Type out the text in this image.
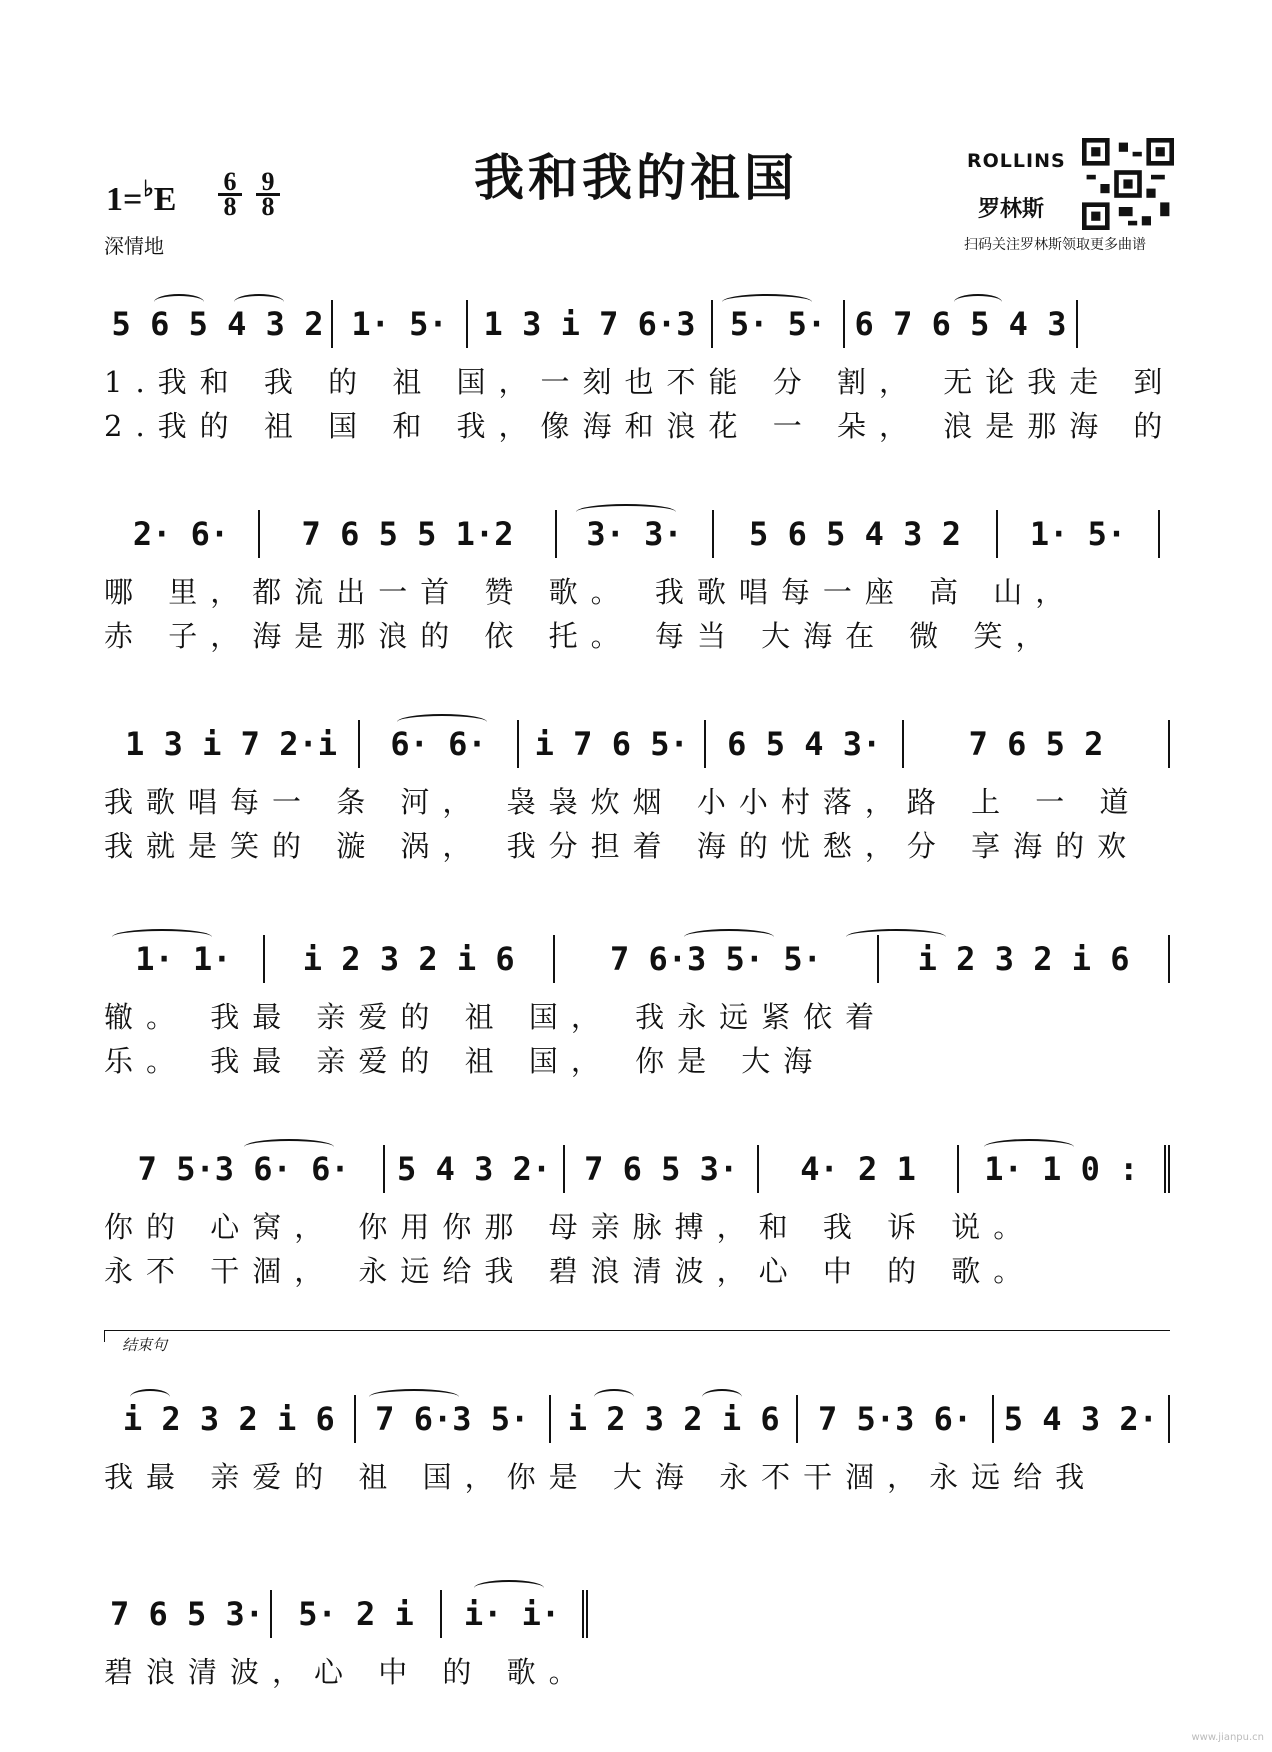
我和我的祖国
$1=^♭E \frac{6}{8} \frac{9}{8}$
深情地
ROLLINS
罗林斯
扫码关注罗林斯领取更多曲谱
5 6 5 4 3 2 1· 5·	1 3 i 7 6·3	5· 5· 6 7 6 5 4 3
1.我和 我 的 祖 国，一刻也不能 分 割， 无论我走 到
2.我的 祖 国 和 我，像海和浪花 一 朵， 浪是那海 的
2· 6·	7 6 5 5 1·2	3· 3·	5 6 5 4 3 2	1· 5·
哪 里，都流出一首 赞 歌。 我歌唱每一座 高 山，
赤 子，海是那浪的 依 托。 每当 大海在 微 笑，
1 3 i 7 2·i	6· 6·	i 7 6 5·	6 5 4 3·	7 6 5 2
我歌唱每一 条 河， 袅袅炊烟 小小村落，路 上 一 道
我就是笑的 漩 涡， 我分担着 海的忧愁，分 享海的欢
1· 1·	i 2 3 2 i 6	7 6·3 5· 5·	i 2 3 2 i 6
辙。 我最 亲爱的 祖 国， 我永远紧依着
乐。 我最 亲爱的 祖 国， 你是 大海
7 5·3 6· 6·	5 4 3 2·	7 6 5 3·	4· 2 1	1· 1 0 :
你的 心窝， 你用你那 母亲脉搏，和 我 诉 说。
永不 干涸， 永远给我 碧浪清波，心 中 的 歌。
结束句
i 2 3 2 i 6	7 6·3 5·	i 2 3 2 i 6	7 5·3 6· 5 4 3 2·
我最 亲爱的 祖 国，你是 大海 永不干涸，永远给我
7 6 5 3·	5· 2 i	i· i·
碧浪清波，心 中 的 歌。
www.jianpu.cn
